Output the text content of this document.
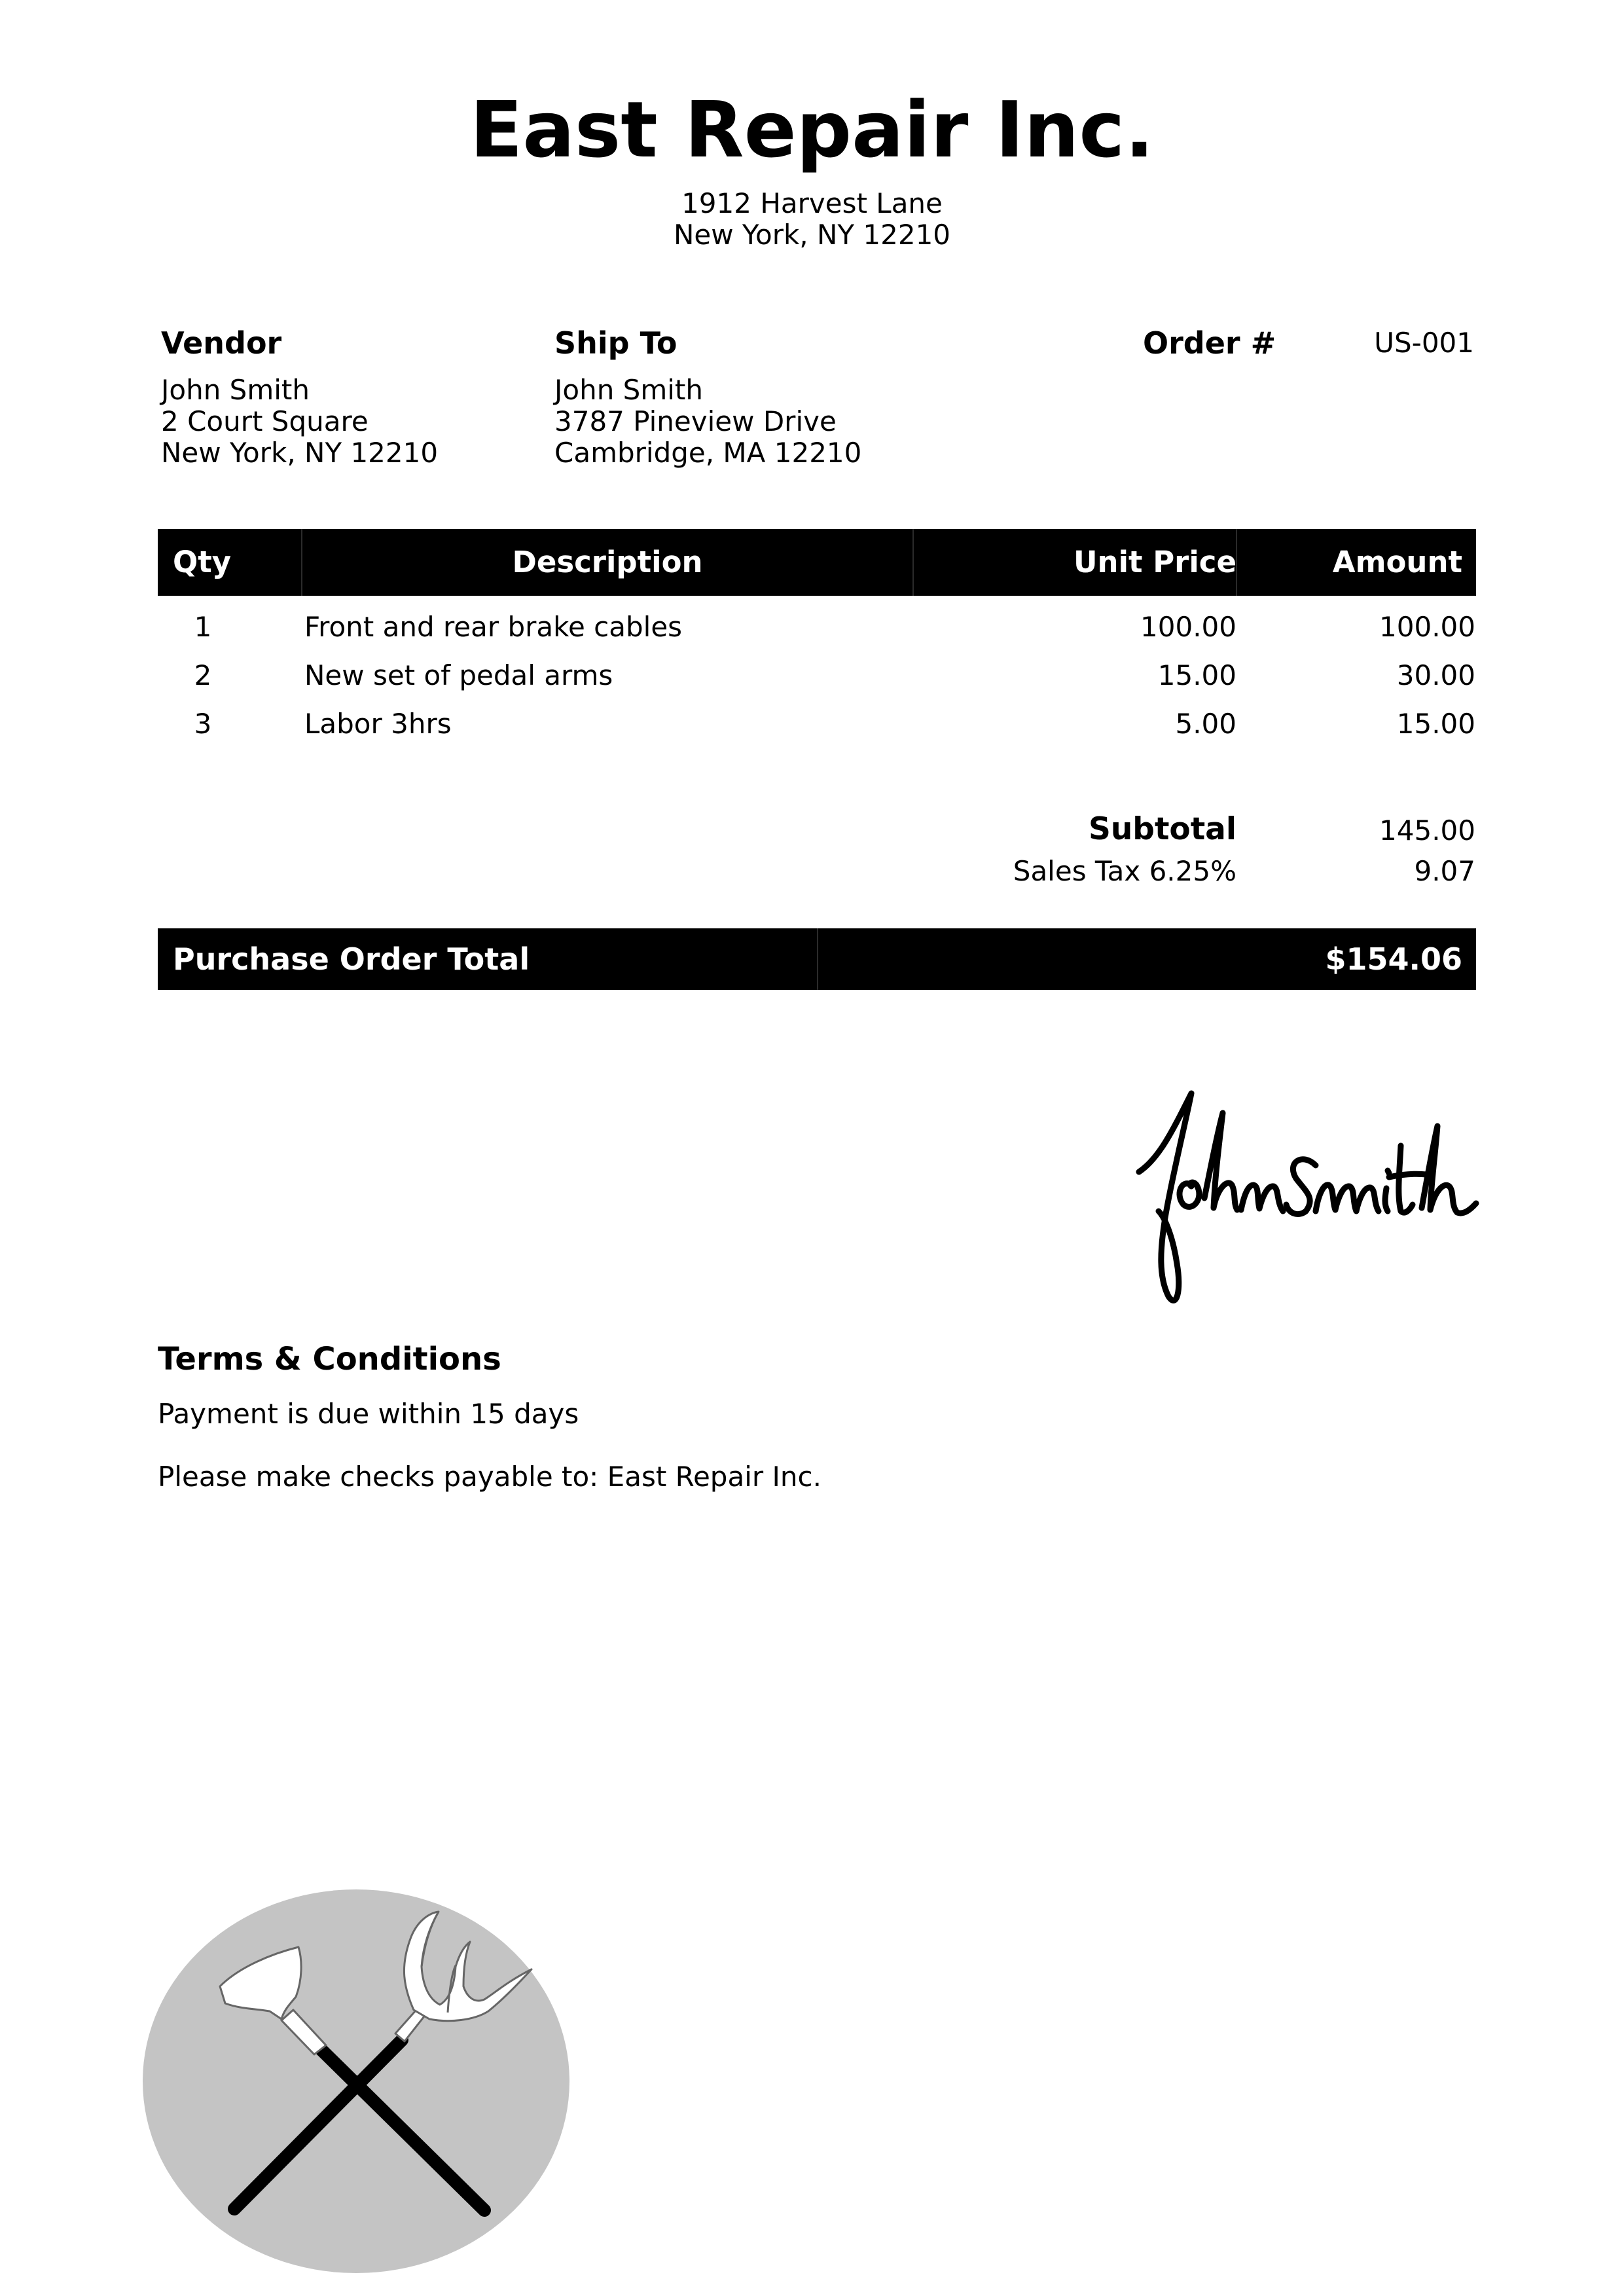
East Repair Inc.
1912 Harvest Lane
New York, NY 12210
Vendor
John Smith
2 Court Square
New York, NY 12210
Ship To
John Smith
3787 Pineview Drive
Cambridge, MA 12210
Order #	US-001
Qty	Description	Unit Price	Amount
1	Front and rear brake cables	100.00	100.00
2	New set of pedal arms	15.00	30.00
3	Labor 3hrs	5.00	15.00
Subtotal	145.00
Sales Tax 6.25%	9.07
Purchase Order Total	$154.06
Terms & Conditions
Payment is due within 15 days
Please make checks payable to: East Repair Inc.
